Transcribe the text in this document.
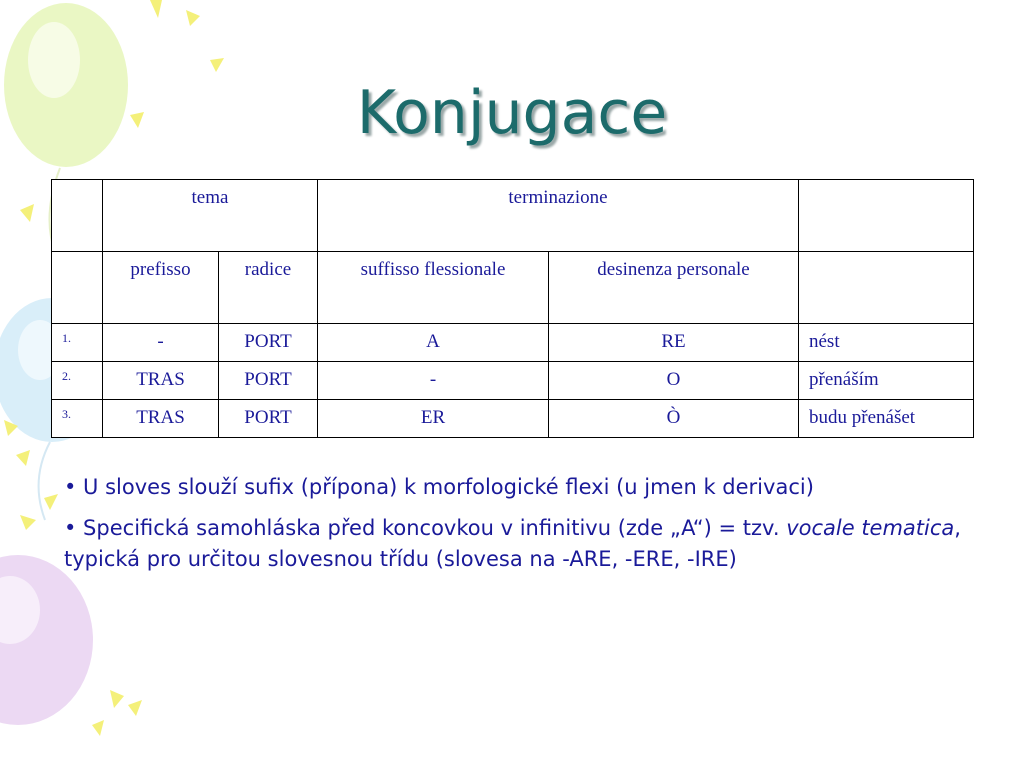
Konjugace
	tema		terminazione		
	prefisso	radice	suffisso flessionale	desinenza personale	
1.	-	PORT	A	RE	nést
2.	TRAS	PORT	-	O	přenáším
3.	TRAS	PORT	ER	Ò	budu přenášet

• U sloves slouží sufix (přípona) k morfologické flexi (u jmen k derivaci)

• Specifická samohláska před koncovkou v infinitivu (zde „A“) = tzv. vocale tematica, typická pro určitou slovesnou třídu (slovesa na -ARE, -ERE, -IRE)
